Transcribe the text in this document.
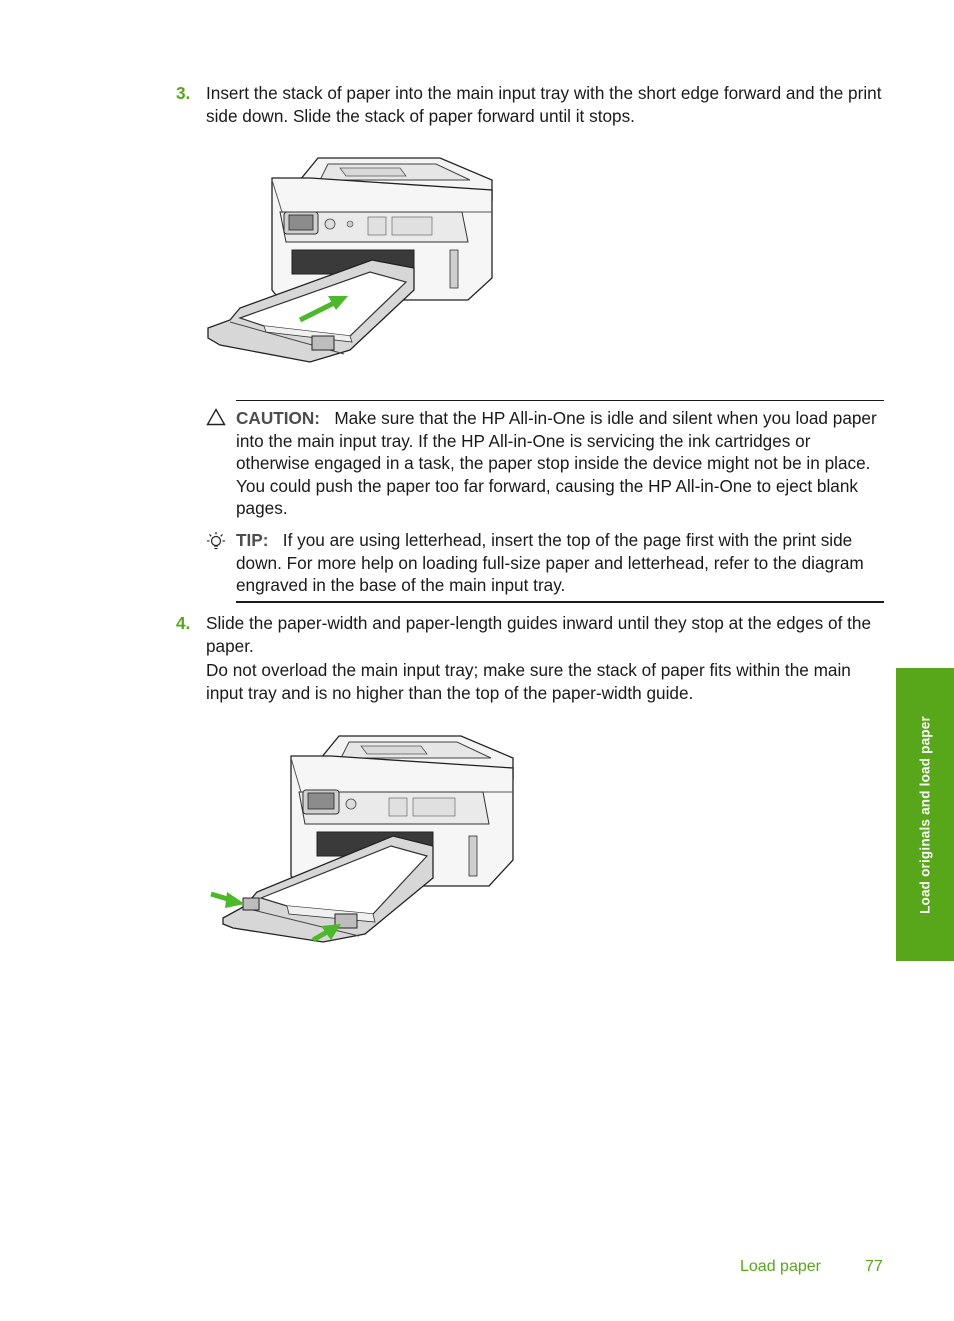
3. Insert the stack of paper into the main input tray with the short edge forward and the print side down. Slide the stack of paper forward until it stops.

CAUTION: Make sure that the HP All-in-One is idle and silent when you load paper into the main input tray. If the HP All-in-One is servicing the ink cartridges or otherwise engaged in a task, the paper stop inside the device might not be in place. You could push the paper too far forward, causing the HP All-in-One to eject blank pages.

TIP: If you are using letterhead, insert the top of the page first with the print side down. For more help on loading full-size paper and letterhead, refer to the diagram engraved in the base of the main input tray.

4. Slide the paper-width and paper-length guides inward until they stop at the edges of the paper.

Do not overload the main input tray; make sure the stack of paper fits within the main input tray and is no higher than the top of the paper-width guide.

Load originals and load paper
Load paper	77
